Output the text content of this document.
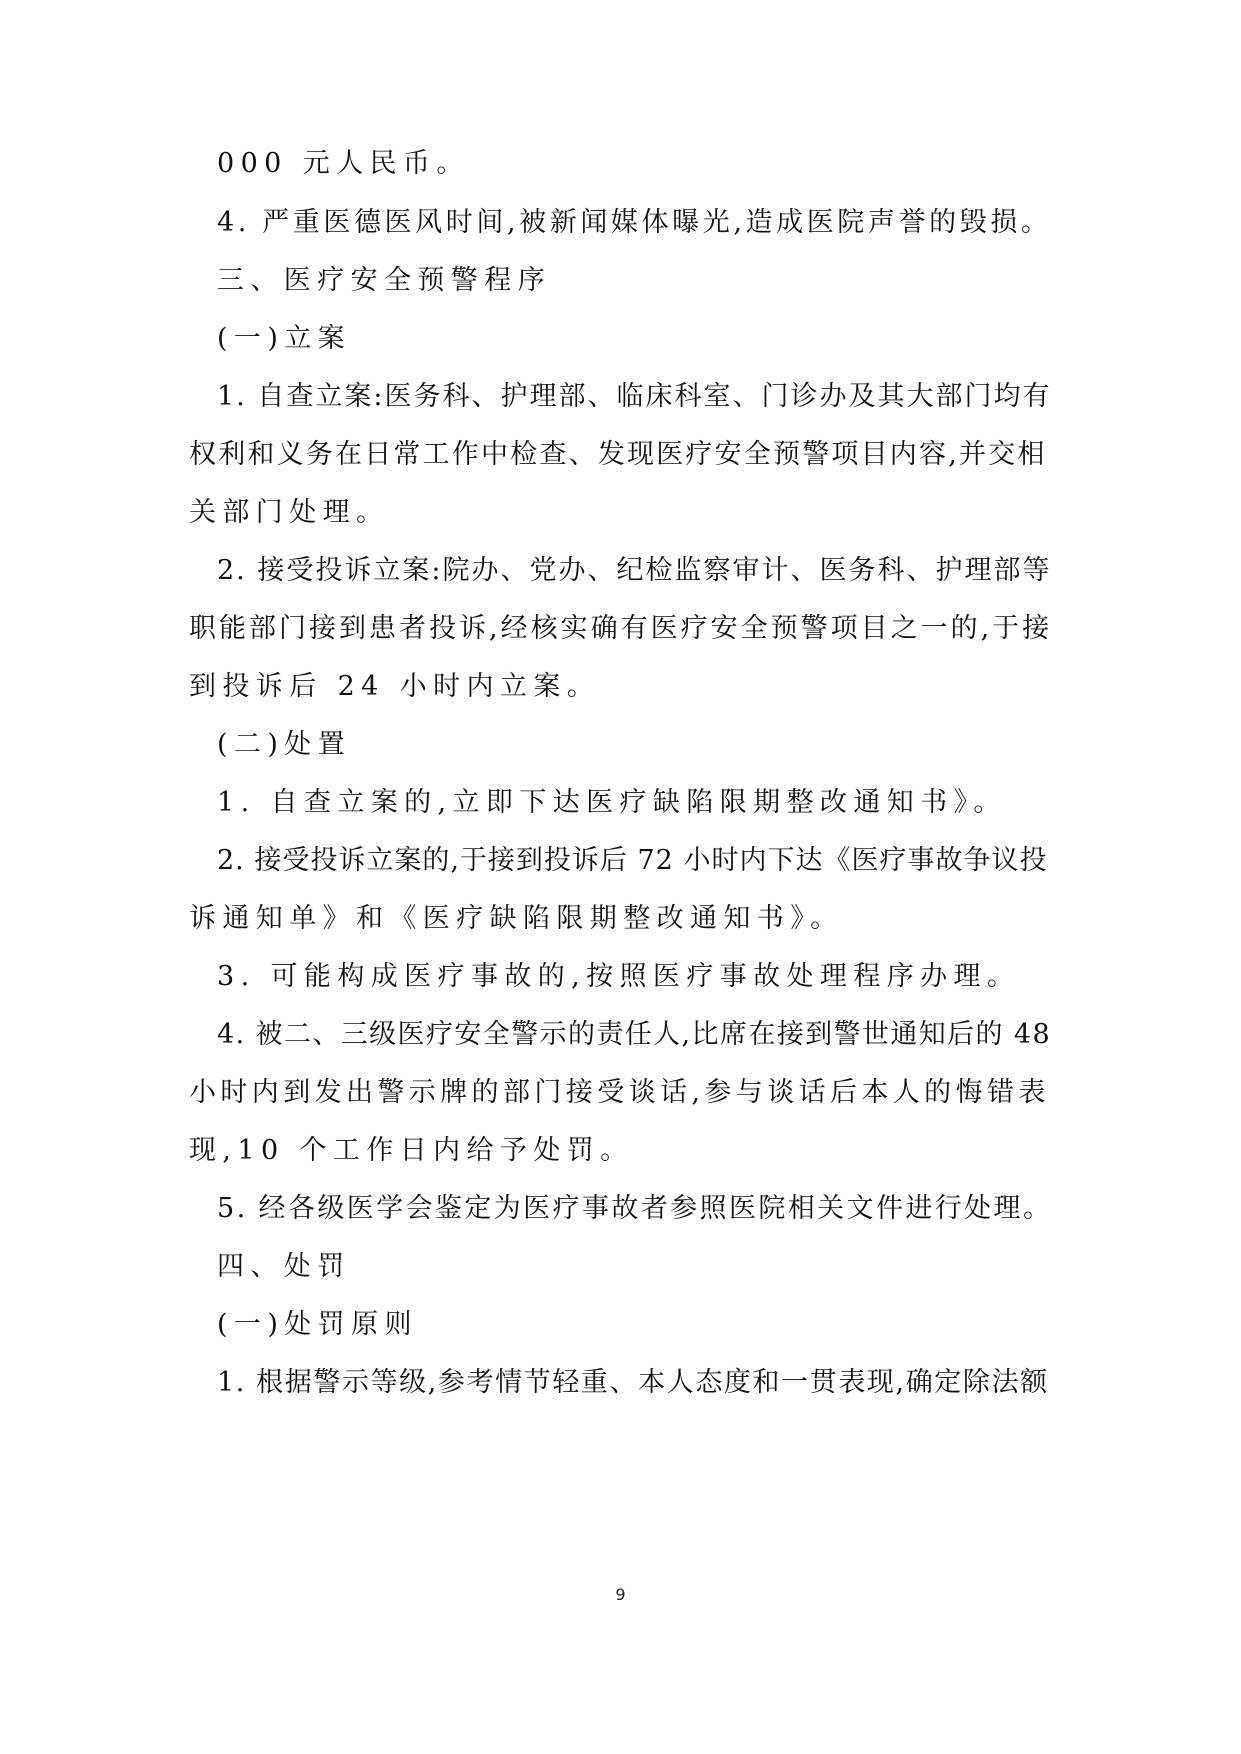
000 元人民币。
4. 严重医德医风时间,被新闻媒体曝光,造成医院声誉的毁损。
三、医疗安全预警程序
(一)立案
1. 自查立案:医务科、护理部、临床科室、门诊办及其大部门均有
权利和义务在日常工作中检查、发现医疗安全预警项目内容,并交相
关部门处理。
2. 接受投诉立案:院办、党办、纪检监察审计、医务科、护理部等
职能部门接到患者投诉,经核实确有医疗安全预警项目之一的,于接
到投诉后 24 小时内立案。
(二)处置
1. 自查立案的,立即下达医疗缺陷限期整改通知书》。
2. 接受投诉立案的,于接到投诉后 72 小时内下达《医疗事故争议投
诉通知单》和《医疗缺陷限期整改通知书》。
3. 可能构成医疗事故的,按照医疗事故处理程序办理。
4. 被二、三级医疗安全警示的责任人,比席在接到警世通知后的 48
小时内到发出警示牌的部门接受谈话,参与谈话后本人的悔错表
现,10 个工作日内给予处罚。
5. 经各级医学会鉴定为医疗事故者参照医院相关文件进行处理。
四、处罚
(一)处罚原则
1. 根据警示等级,参考情节轻重、本人态度和一贯表现,确定除法额
9
